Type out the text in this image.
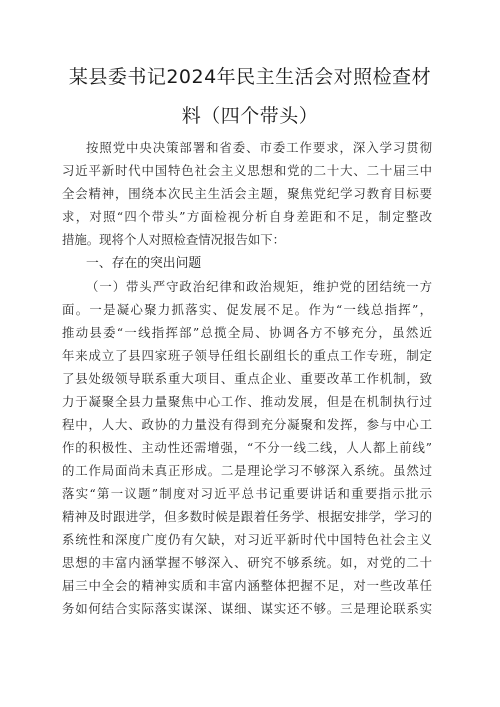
某县委书记2024年民主生活会对照检查材
料（四个带头）
按照党中央决策部署和省委、市委工作要求，深入学习贯彻
习近平新时代中国特色社会主义思想和党的二十大、二十届三中
全会精神，围绕本次民主生活会主题，聚焦党纪学习教育目标要
求，对照“四个带头”方面检视分析自身差距和不足，制定整改
措施。现将个人对照检查情况报告如下：
一、存在的突出问题
（一）带头严守政治纪律和政治规矩，维护党的团结统一方
面。一是凝心聚力抓落实、促发展不足。作为“一线总指挥”，
推动县委“一线指挥部”总揽全局、协调各方不够充分，虽然近
年来成立了县四家班子领导任组长副组长的重点工作专班，制定
了县处级领导联系重大项目、重点企业、重要改革工作机制，致
力于凝聚全县力量聚焦中心工作、推动发展，但是在机制执行过
程中，人大、政协的力量没有得到充分凝聚和发挥，参与中心工
作的积极性、主动性还需增强，“不分一线二线，人人都上前线”
的工作局面尚未真正形成。二是理论学习不够深入系统。虽然过
落实“第一议题”制度对习近平总书记重要讲话和重要指示批示
精神及时跟进学，但多数时候是跟着任务学、根据安排学，学习的
系统性和深度广度仍有欠缺，对习近平新时代中国特色社会主义
思想的丰富内涵掌握不够深入、研究不够系统。如，对党的二十
届三中全会的精神实质和丰富内涵整体把握不足，对一些改革任
务如何结合实际落实谋深、谋细、谋实还不够。三是理论联系实
